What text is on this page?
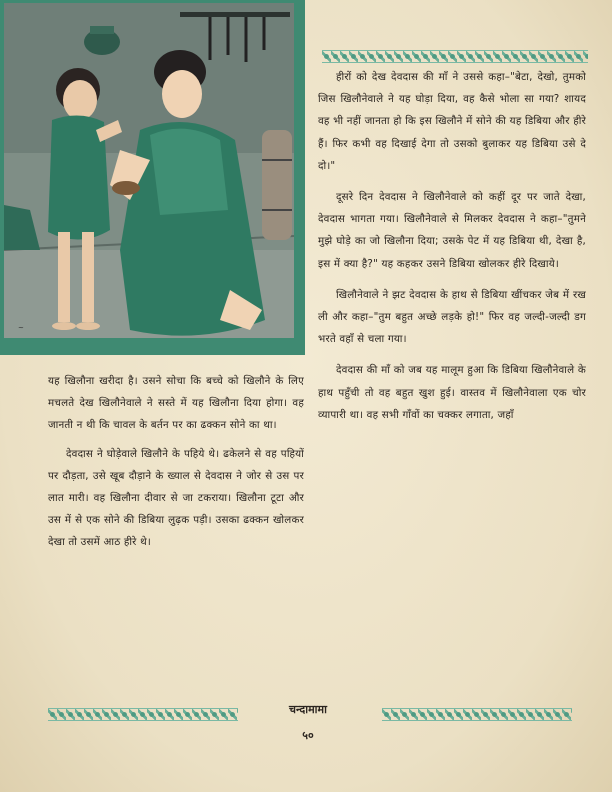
~

हीरों को देख देवदास की माँ ने उससे कहा–"बेटा, देखो, तुमको जिस खिलौनेवाले ने यह घोड़ा दिया, वह कैसे भोला सा गया? शायद वह भी नहीं जानता हो कि इस खिलौने में सोने की यह डिबिया और हीरे हैं। फिर कभी वह दिखाई देगा तो उसको बुलाकर यह डिबिया उसे दे दो।"

दूसरे दिन देवदास ने खिलौनेवाले को कहीं दूर पर जाते देखा, देवदास भागता गया। खिलौनेवाले से मिलकर देवदास ने कहा–"तुमने मुझे घोड़े का जो खिलौना दिया; उसके पेट में यह डिबिया थी, देखा है, इस में क्या है?" यह कहकर उसने डिबिया खोलकर हीरे दिखाये।

खिलौनेवाले ने झट देवदास के हाथ से डिबिया खींचकर जेब में रख ली और कहा–"तुम बहुत अच्छे लड़के हो!" फिर वह जल्दी-जल्दी डग भरते वहाँ से चला गया।

देवदास की माँ को जब यह मालूम हुआ कि डिबिया खिलौनेवाले के हाथ पहुँची तो वह बहुत खुश हुई। वास्तव में खिलौनेवाला एक चोर व्यापारी था। वह सभी गाँवों का चक्कर लगाता, जहाँ

यह खिलौना खरीदा है। उसने सोचा कि बच्चे को खिलौने के लिए मचलते देख खिलौनेवाले ने सस्ते में यह खिलौना दिया होगा। वह जानती न थी कि चावल के बर्तन पर का ढक्कन सोने का था।

देवदास ने घोड़ेवाले खिलौने के पहिये थे। ढकेलने से वह पहियों पर दौड़ता, उसे खूब दौड़ाने के ख्याल से देवदास ने जोर से उस पर लात मारी। वह खिलौना दीवार से जा टकराया। खिलौना टूटा और उस में से एक सोने की डिबिया लुढ़क पड़ी। उसका ढक्कन खोलकर देखा तो उसमें आठ हीरे थे।

चन्दामामा
५०
